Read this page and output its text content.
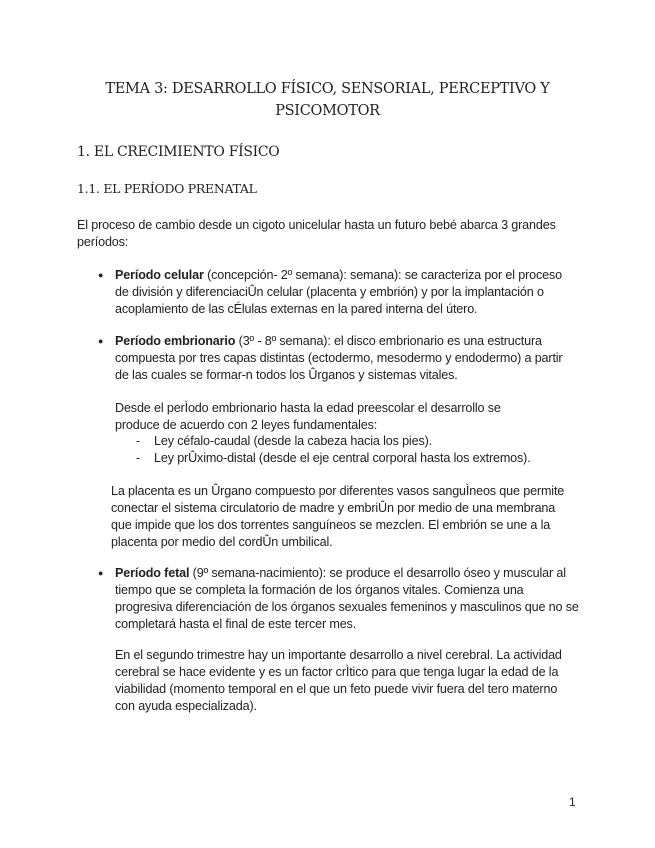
TEMA 3: DESARROLLO FÍSICO, SENSORIAL, PERCEPTIVO Y
PSICOMOTOR
1. EL CRECIMIENTO FÍSICO
1.1. EL PERÍODO PRENATAL

El proceso de cambio desde un cigoto unicelular hasta un futuro bebé abarca 3 grandes períodos:

● Período celular (concepción- 2º semana): semana): se caracteriza por el proceso de división y diferenciaciÛn celular (placenta y embrión) y por la implantación o acoplamiento de las cÉlulas externas en la pared interna del útero.

● Período embrionario (3º - 8º semana): el disco embrionario es una estructura compuesta por tres capas distintas (ectodermo, mesodermo y endodermo) a partir de las cuales se formar-n todos los Ûrganos y sistemas vitales.

Desde el perÌodo embrionario hasta la edad preescolar el desarrollo se produce de acuerdo con 2 leyes fundamentales:

- Ley céfalo-caudal (desde la cabeza hacia los pies).

- Ley prÛximo-distal (desde el eje central corporal hasta los extremos).

La placenta es un Ûrgano compuesto por diferentes vasos sanguÌneos que permite conectar el sistema circulatorio de madre y embriÛn por medio de una membrana que impide que los dos torrentes sanguíneos se mezclen. El embrión se une a la placenta por medio del cordÛn umbilical.

● Período fetal (9º semana-nacimiento): se produce el desarrollo óseo y muscular al tiempo que se completa la formación de los órganos vitales. Comienza una progresiva diferenciación de los órganos sexuales femeninos y masculinos que no se completará hasta el final de este tercer mes.

En el segundo trimestre hay un importante desarrollo a nivel cerebral. La actividad cerebral se hace evidente y es un factor crÌtico para que tenga lugar la edad de la viabilidad (momento temporal en el que un feto puede vivir fuera del tero materno con ayuda especializada).

1
